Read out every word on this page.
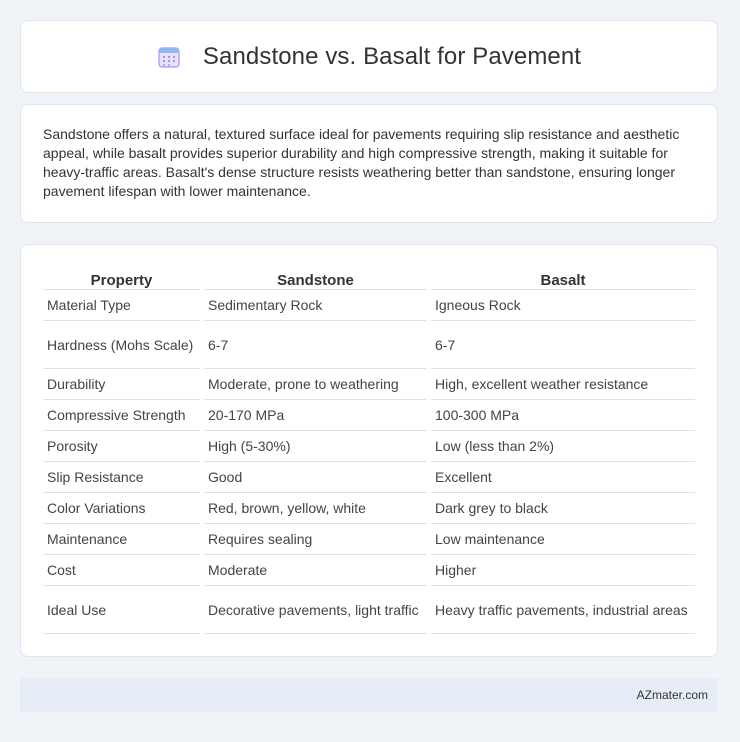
Sandstone vs. Basalt for Pavement
Sandstone offers a natural, textured surface ideal for pavements requiring slip resistance and aesthetic appeal, while basalt provides superior durability and high compressive strength, making it suitable for heavy-traffic areas. Basalt's dense structure resists weathering better than sandstone, ensuring longer pavement lifespan with lower maintenance.
Property	Sandstone	Basalt
Material Type	Sedimentary Rock	Igneous Rock
Hardness (Mohs Scale)	6-7	6-7
Durability	Moderate, prone to weathering	High, excellent weather resistance
Compressive Strength	20-170 MPa	100-300 MPa
Porosity	High (5-30%)	Low (less than 2%)
Slip Resistance	Good	Excellent
Color Variations	Red, brown, yellow, white	Dark grey to black
Maintenance	Requires sealing	Low maintenance
Cost	Moderate	Higher
Ideal Use	Decorative pavements, light traffic	Heavy traffic pavements, industrial areas
AZmater.com
